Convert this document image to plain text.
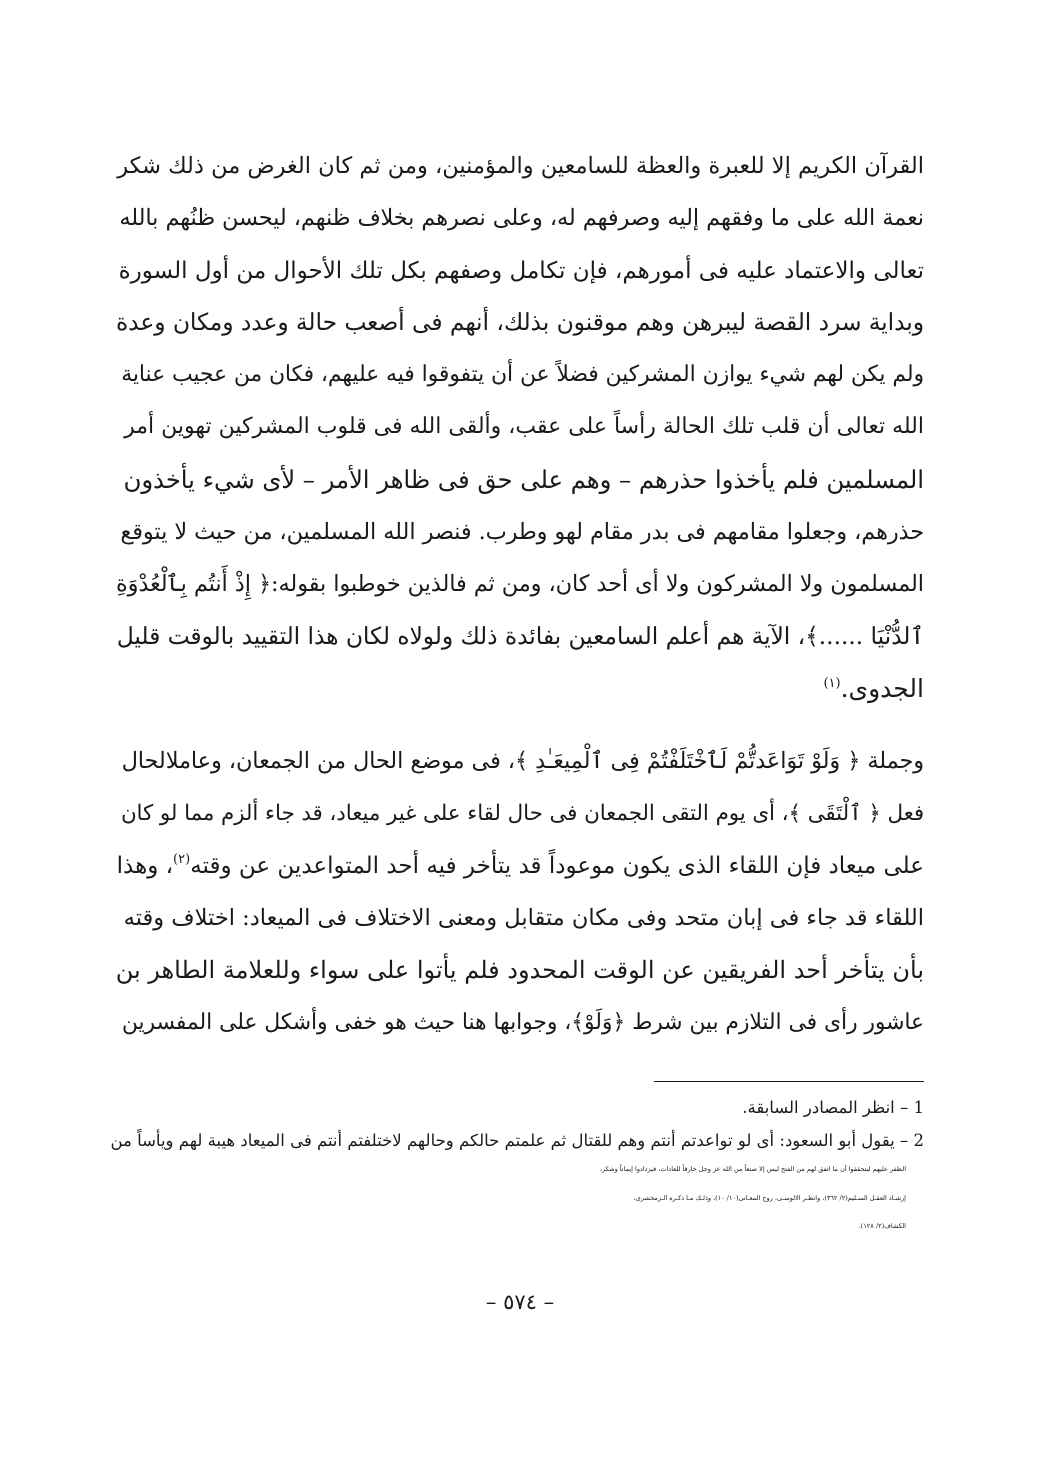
القرآن الكريم إلا للعبرة والعظة للسامعين والمؤمنين، ومن ثم كان الغرض من ذلك شكر
نعمة الله على ما وفقهم إليه وصرفهم له، وعلى نصرهم بخلاف ظنهم، ليحسن ظنُهم بالله
تعالى والاعتماد عليه فى أمورهم، فإن تكامل وصفهم بكل تلك الأحوال من أول السورة
وبداية سرد القصة ليبرهن وهم موقنون بذلك، أنهم فى أصعب حالة وعدد ومكان وعدة
ولم يكن لهم شيء يوازن المشركين فضلاً عن أن يتفوقوا فيه عليهم، فكان من عجيب عناية
الله تعالى أن قلب تلك الحالة رأساً على عقب، وألقى الله فى قلوب المشركين تهوين أمر
المسلمين فلم يأخذوا حذرهم – وهم على حق فى ظاهر الأمر – لأى شيء يأخذون
حذرهم، وجعلوا مقامهم فى بدر مقام لهو وطرب. فنصر الله المسلمين، من حيث لا يتوقع
المسلمون ولا المشركون ولا أى أحد كان، ومن ثم فالذين خوطبوا بقوله:﴿ إِذْ أَنتُم بِٱلْعُدْوَةِ
ٱلدُّنْيَا ......﴾، الآية هم أعلم السامعين بفائدة ذلك ولولاه لكان هذا التقييد بالوقت قليل
الجدوى.$^{(١)}$

وجملة ﴿ وَلَوْ تَوَاعَدتُّمْ لَٱخْتَلَفْتُمْ فِى ٱلْمِيعَـٰدِ ﴾، فى موضع الحال من الجمعان، وعاملالحال
فعل ﴿ ٱلْتَقَى ﴾، أى يوم التقى الجمعان فى حال لقاء على غير ميعاد، قد جاء ألزم مما لو كان
على ميعاد فإن اللقاء الذى يكون موعوداً قد يتأخر فيه أحد المتواعدين عن وقته$^{(٢)}$، وهذا
اللقاء قد جاء فى إبان متحد وفى مكان متقابل ومعنى الاختلاف فى الميعاد: اختلاف وقته
بأن يتأخر أحد الفريقين عن الوقت المحدود فلم يأتوا على سواء وللعلامة الطاهر بن
عاشور رأى فى التلازم بين شرط ﴿وَلَوْ﴾، وجوابها هنا حيث هو خفى وأشكل على المفسرين

1 – انظر المصادر السابقة.

2 – يقول أبو السعود: أى لو تواعدتم أنتم وهم للقتال ثم علمتم حالكم وحالهم لاختلفتم أنتم فى الميعاد هيبة لهم ويأساً من
الظفر عليهم ليتحققوا أن ما اتفق لهم من الفتح ليس إلا صنعاً من الله عز وجل خارقاً للعادات، فيزدادوا إيماناً وشكر،
إرشـاد العقـل السـليم(٢/ ٣٦٢)، وانظـر الالوسـى، روح المعـانى(١٠/ ١٠)، وذلـك مـا ذكـره الـزمخشرى،
الكشاف(٢/ ١٢٨).

– ٥٧٤ –
